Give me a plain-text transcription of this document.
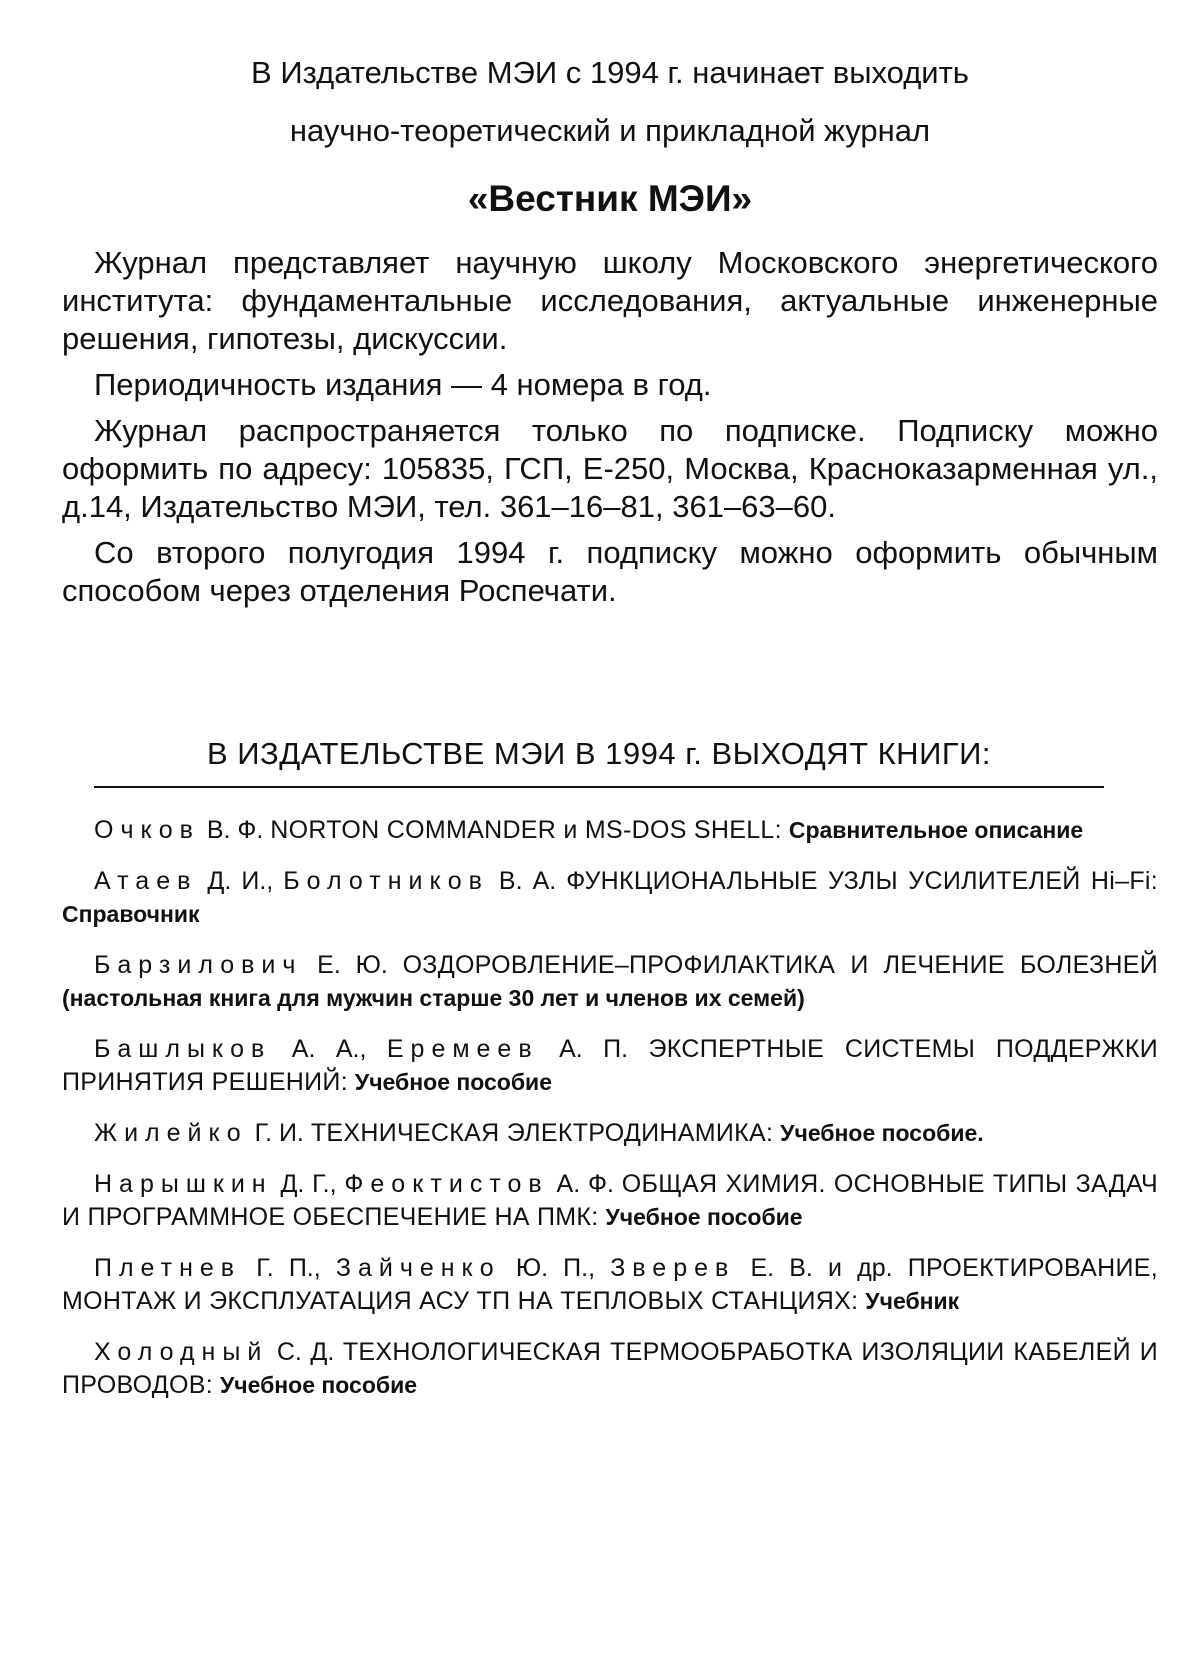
В Издательстве МЭИ с 1994 г. начинает выходить

научно-теоретический и прикладной журнал

«Вестник МЭИ»

Журнал представляет научную школу Московского энергетического института: фундаментальные исследования, актуальные инженерные решения, гипотезы, дискуссии.

Периодичность издания — 4 номера в год.

Журнал распространяется только по подписке. Подписку можно оформить по адресу: 105835, ГСП, Е-250, Москва, Красноказарменная ул., д.14, Издательство МЭИ, тел. 361–16–81, 361–63–60.

Со второго полугодия 1994 г. подписку можно оформить обычным способом через отделения Роспечати.

В ИЗДАТЕЛЬСТВЕ МЭИ В 1994 г. ВЫХОДЯТ КНИГИ:

Очков В. Ф. NORTON COMMANDER и MS-DOS SHELL: Сравнительное описание

Атаев Д. И., Болотников В. А. ФУНКЦИОНАЛЬНЫЕ УЗЛЫ УСИЛИТЕЛЕЙ Hi–Fi: Справочник

Барзилович Е. Ю. ОЗДОРОВЛЕНИЕ–ПРОФИЛАКТИКА И ЛЕЧЕНИЕ БОЛЕЗНЕЙ (настольная книга для мужчин старше 30 лет и членов их семей)

Башлыков А. А., Еремеев А. П. ЭКСПЕРТНЫЕ СИСТЕМЫ ПОДДЕРЖКИ ПРИНЯТИЯ РЕШЕНИЙ: Учебное пособие

Жилейко Г. И. ТЕХНИЧЕСКАЯ ЭЛЕКТРОДИНАМИКА: Учебное пособие.

Нарышкин Д. Г., Феоктистов А. Ф. ОБЩАЯ ХИМИЯ. ОСНОВНЫЕ ТИПЫ ЗАДАЧ И ПРОГРАММНОЕ ОБЕСПЕЧЕНИЕ НА ПМК: Учебное пособие

Плетнев Г. П., Зайченко Ю. П., Зверев Е. В. и др. ПРОЕКТИРОВАНИЕ, МОНТАЖ И ЭКСПЛУАТАЦИЯ АСУ ТП НА ТЕПЛОВЫХ СТАНЦИЯХ: Учебник

Холодный С. Д. ТЕХНОЛОГИЧЕСКАЯ ТЕРМООБРАБОТКА ИЗОЛЯЦИИ КАБЕЛЕЙ И ПРОВОДОВ: Учебное пособие
